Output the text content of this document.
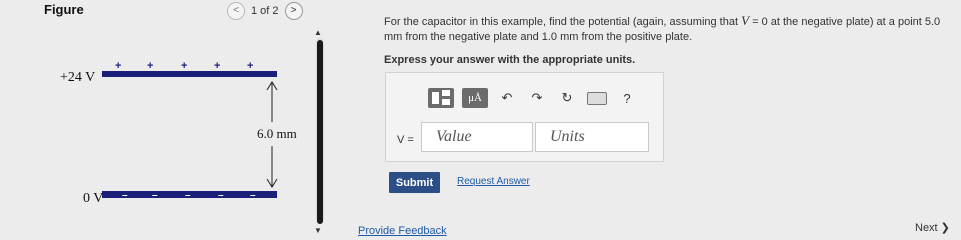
Figure	<	1 of 2	>
+ +	+ + +
+24 V
– –	–	–	–
0 V
6.0 mm
▲
▼	Provide Feedback
For the capacitor in this example, find the potential (again, assuming that V = 0 at the negative plate) at a point 5.0 mm from the negative plate and 1.0 mm from the positive plate.
Express your answer with the appropriate units.
μÅ	↶	↷	↻	?
V = Value	Units
Submit	Request Answer
Next ❯
